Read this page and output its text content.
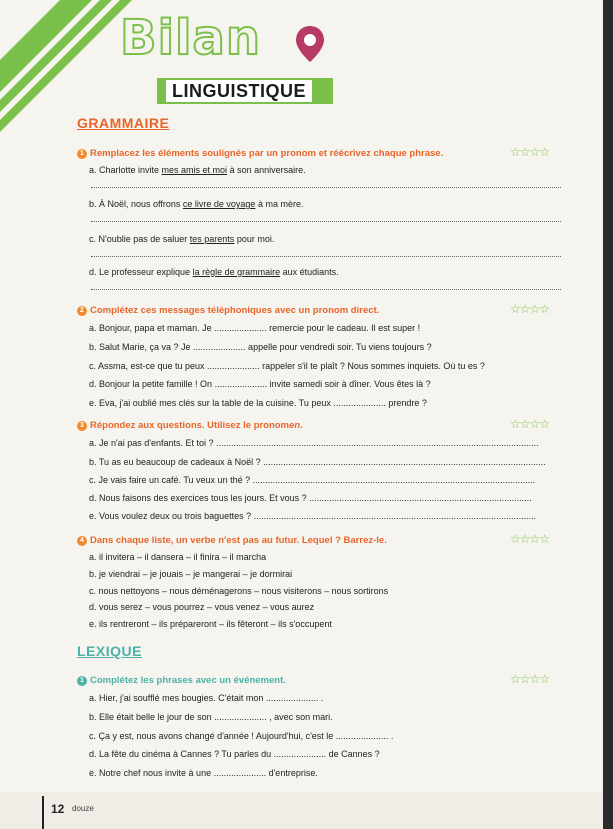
Bilan
LINGUISTIQUE
GRAMMAIRE
1 Remplacez les éléments soulignés par un pronom et réécrivez chaque phrase.	☆☆☆☆
a. Charlotte invite mes amis et moi à son anniversaire.
b. À Noël, nous offrons ce livre de voyage à ma mère.
c. N'oublie pas de saluer tes parents pour moi.
d. Le professeur explique la règle de grammaire aux étudiants.
2 Complétez ces messages téléphoniques avec un pronom direct.	☆☆☆☆
a. Bonjour, papa et maman. Je ..................... remercie pour le cadeau. Il est super !
b. Salut Marie, ça va ? Je ..................... appelle pour vendredi soir. Tu viens toujours ?
c. Assma, est-ce que tu peux ..................... rappeler s'il te plaît ? Nous sommes inquiets. Où tu es ?
d. Bonjour la petite famille ! On ..................... invite samedi soir à dîner. Vous êtes là ?
e. Eva, j'ai oublié mes clés sur la table de la cuisine. Tu peux ..................... prendre ?
3 Répondez aux questions. Utilisez le pronom en .	☆☆☆☆
a. Je n'ai pas d'enfants. Et toi ? .................................................................................................................................
b. Tu as eu beaucoup de cadeaux à Noël ? .................................................................................................................
c. Je vais faire un café. Tu veux un thé ? .................................................................................................................
d. Nous faisons des exercices tous les jours. Et vous ? .........................................................................................
e. Vous voulez deux ou trois baguettes ? .................................................................................................................
4 Dans chaque liste, un verbe n'est pas au futur. Lequel ? Barrez-le.	☆☆☆☆
a. il invitera – il dansera – il finira – il marcha
b. je viendrai – je jouais – je mangerai – je dormirai
c. nous nettoyons – nous déménagerons – nous visiterons – nous sortirons
d. vous serez – vous pourrez – vous venez – vous aurez
e. ils rentreront – ils prépareront – ils fêteront – ils s'occupent
LEXIQUE
1 Complétez les phrases avec un événement.	☆☆☆☆
a. Hier, j'ai soufflé mes bougies. C'était mon ..................... .
b. Elle était belle le jour de son ..................... , avec son mari.
c. Ça y est, nous avons changé d'année ! Aujourd'hui, c'est le ..................... .
d. La fête du cinéma à Cannes ? Tu parles du ..................... de Cannes ?
e. Notre chef nous invite à une ..................... d'entreprise.
12 douze
